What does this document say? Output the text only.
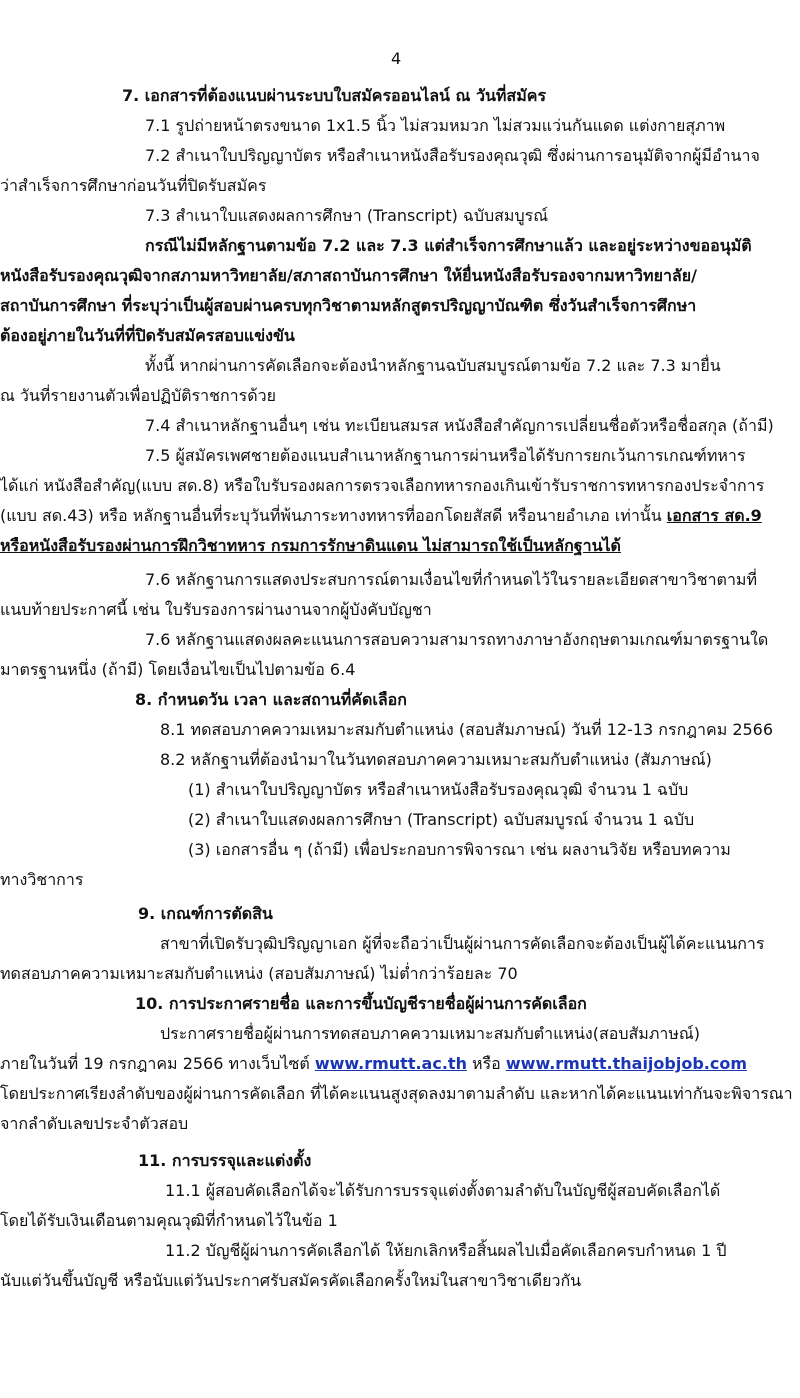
4
7. เอกสารที่ต้องแนบผ่านระบบใบสมัครออนไลน์ ณ วันที่สมัคร
7.1 รูปถ่ายหน้าตรงขนาด 1x1.5 นิ้ว ไม่สวมหมวก ไม่สวมแว่นกันแดด แต่งกายสุภาพ
7.2 สำเนาใบปริญญาบัตร หรือสำเนาหนังสือรับรองคุณวุฒิ ซึ่งผ่านการอนุมัติจากผู้มีอำนาจ
ว่าสำเร็จการศึกษาก่อนวันที่ปิดรับสมัคร
7.3 สำเนาใบแสดงผลการศึกษา (Transcript) ฉบับสมบูรณ์
กรณีไม่มีหลักฐานตามข้อ 7.2 และ 7.3 แต่สำเร็จการศึกษาแล้ว และอยู่ระหว่างขออนุมัติ
หนังสือรับรองคุณวุฒิจากสภามหาวิทยาลัย/สภาสถาบันการศึกษา ให้ยื่นหนังสือรับรองจากมหาวิทยาลัย/
สถาบันการศึกษา ที่ระบุว่าเป็นผู้สอบผ่านครบทุกวิชาตามหลักสูตรปริญญาบัณฑิต ซึ่งวันสำเร็จการศึกษา
ต้องอยู่ภายในวันที่ที่ปิดรับสมัครสอบแข่งขัน
ทั้งนี้ หากผ่านการคัดเลือกจะต้องนำหลักฐานฉบับสมบูรณ์ตามข้อ 7.2 และ 7.3 มายื่น
ณ วันที่รายงานตัวเพื่อปฏิบัติราชการด้วย
7.4 สำเนาหลักฐานอื่นๆ เช่น ทะเบียนสมรส หนังสือสำคัญการเปลี่ยนชื่อตัวหรือชื่อสกุล (ถ้ามี)
7.5 ผู้สมัครเพศชายต้องแนบสำเนาหลักฐานการผ่านหรือได้รับการยกเว้นการเกณฑ์ทหาร
ได้แก่ หนังสือสำคัญ(แบบ สด.8) หรือใบรับรองผลการตรวจเลือกทหารกองเกินเข้ารับราชการทหารกองประจำการ
(แบบ สด.43) หรือ หลักฐานอื่นที่ระบุวันที่พ้นภาระทางทหารที่ออกโดยสัสดี หรือนายอำเภอ เท่านั้น เอกสาร สด.9
หรือหนังสือรับรองผ่านการฝึกวิชาทหาร กรมการรักษาดินแดน ไม่สามารถใช้เป็นหลักฐานได้
7.6 หลักฐานการแสดงประสบการณ์ตามเงื่อนไขที่กำหนดไว้ในรายละเอียดสาขาวิชาตามที่
แนบท้ายประกาศนี้ เช่น ใบรับรองการผ่านงานจากผู้บังคับบัญชา
7.6 หลักฐานแสดงผลคะแนนการสอบความสามารถทางภาษาอังกฤษตามเกณฑ์มาตรฐานใด
มาตรฐานหนึ่ง (ถ้ามี) โดยเงื่อนไขเป็นไปตามข้อ 6.4
8. กำหนดวัน เวลา และสถานที่คัดเลือก
8.1 ทดสอบภาคความเหมาะสมกับตำแหน่ง (สอบสัมภาษณ์) วันที่ 12-13 กรกฎาคม 2566
8.2 หลักฐานที่ต้องนำมาในวันทดสอบภาคความเหมาะสมกับตำแหน่ง (สัมภาษณ์)
(1) สำเนาใบปริญญาบัตร หรือสำเนาหนังสือรับรองคุณวุฒิ จำนวน 1 ฉบับ
(2) สำเนาใบแสดงผลการศึกษา (Transcript) ฉบับสมบูรณ์ จำนวน 1 ฉบับ
(3) เอกสารอื่น ๆ (ถ้ามี) เพื่อประกอบการพิจารณา เช่น ผลงานวิจัย หรือบทความ
ทางวิชาการ
9. เกณฑ์การตัดสิน
สาขาที่เปิดรับวุฒิปริญญาเอก ผู้ที่จะถือว่าเป็นผู้ผ่านการคัดเลือกจะต้องเป็นผู้ได้คะแนนการ
ทดสอบภาคความเหมาะสมกับตำแหน่ง (สอบสัมภาษณ์) ไม่ต่ำกว่าร้อยละ 70
10. การประกาศรายชื่อ และการขึ้นบัญชีรายชื่อผู้ผ่านการคัดเลือก
ประกาศรายชื่อผู้ผ่านการทดสอบภาคความเหมาะสมกับตำแหน่ง(สอบสัมภาษณ์)
ภายในวันที่ 19 กรกฎาคม 2566 ทางเว็บไซต์ www.rmutt.ac.th หรือ www.rmutt.thaijobjob.com
โดยประกาศเรียงลำดับของผู้ผ่านการคัดเลือก ที่ได้คะแนนสูงสุดลงมาตามลำดับ และหากได้คะแนนเท่ากันจะพิจารณา
จากลำดับเลขประจำตัวสอบ
11. การบรรจุและแต่งตั้ง
11.1 ผู้สอบคัดเลือกได้จะได้รับการบรรจุแต่งตั้งตามลำดับในบัญชีผู้สอบคัดเลือกได้
โดยได้รับเงินเดือนตามคุณวุฒิที่กำหนดไว้ในข้อ 1
11.2 บัญชีผู้ผ่านการคัดเลือกได้ ให้ยกเลิกหรือสิ้นผลไปเมื่อคัดเลือกครบกำหนด 1 ปี
นับแต่วันขึ้นบัญชี หรือนับแต่วันประกาศรับสมัครคัดเลือกครั้งใหม่ในสาขาวิชาเดียวกัน
